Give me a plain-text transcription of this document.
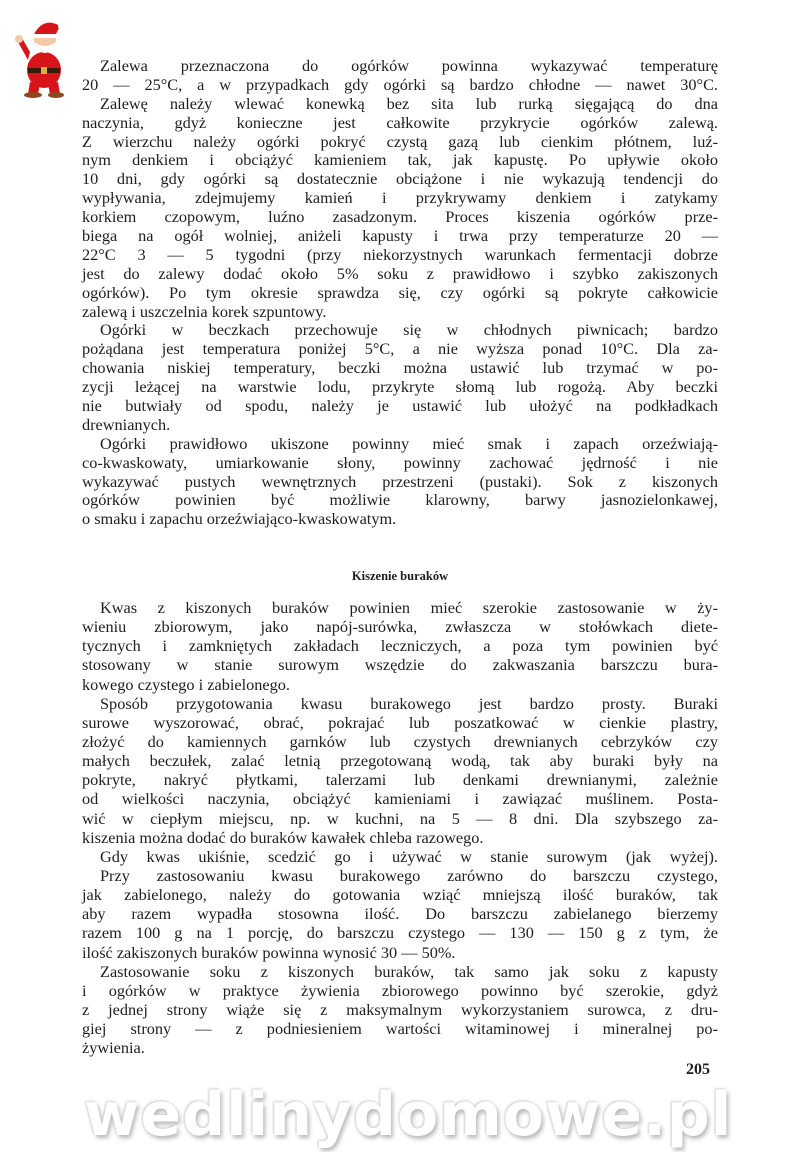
Zalewa przeznaczona do ogórków powinna wykazywać temperaturę
20 — 25°C, a w przypadkach gdy ogórki są bardzo chłodne — nawet 30°C.
Zalewę należy wlewać konewką bez sita lub rurką sięgającą do dna
naczynia, gdyż konieczne jest całkowite przykrycie ogórków zalewą.
Z wierzchu należy ogórki pokryć czystą gazą lub cienkim płótnem, luź-
nym denkiem i obciążyć kamieniem tak, jak kapustę. Po upływie około
10 dni, gdy ogórki są dostatecznie obciążone i nie wykazują tendencji do
wypływania, zdejmujemy kamień i przykrywamy denkiem i zatykamy
korkiem czopowym, luźno zasadzonym. Proces kiszenia ogórków prze-
biega na ogół wolniej, aniżeli kapusty i trwa przy temperaturze 20 —
22°C 3 — 5 tygodni (przy niekorzystnych warunkach fermentacji dobrze
jest do zalewy dodać około 5% soku z prawidłowo i szybko zakiszonych
ogórków). Po tym okresie sprawdza się, czy ogórki są pokryte całkowicie
zalewą i uszczelnia korek szpuntowy.
Ogórki w beczkach przechowuje się w chłodnych piwnicach; bardzo
pożądana jest temperatura poniżej 5°C, a nie wyższa ponad 10°C. Dla za-
chowania niskiej temperatury, beczki można ustawić lub trzymać w po-
zycji leżącej na warstwie lodu, przykryte słomą lub rogożą. Aby beczki
nie butwiały od spodu, należy je ustawić lub ułożyć na podkładkach
drewnianych.
Ogórki prawidłowo ukiszone powinny mieć smak i zapach orzeźwiają-
co-kwaskowaty, umiarkowanie słony, powinny zachować jędrność i nie
wykazywać pustych wewnętrznych przestrzeni (pustaki). Sok z kiszonych
ogórków powinien być możliwie klarowny, barwy jasnozielonkawej,
o smaku i zapachu orzeźwiająco-kwaskowatym.
Kiszenie buraków
Kwas z kiszonych buraków powinien mieć szerokie zastosowanie w ży-
wieniu zbiorowym, jako napój-surówka, zwłaszcza w stołówkach diete-
tycznych i zamkniętych zakładach leczniczych, a poza tym powinien być
stosowany w stanie surowym wszędzie do zakwaszania barszczu bura-
kowego czystego i zabielonego.
Sposób przygotowania kwasu burakowego jest bardzo prosty. Buraki
surowe wyszorować, obrać, pokrajać lub poszatkować w cienkie plastry,
złożyć do kamiennych garnków lub czystych drewnianych cebrzyków czy
małych beczułek, zalać letnią przegotowaną wodą, tak aby buraki były na
pokryte, nakryć płytkami, talerzami lub denkami drewnianymi, zależnie
od wielkości naczynia, obciążyć kamieniami i zawiązać muślinem. Posta-
wić w ciepłym miejscu, np. w kuchni, na 5 — 8 dni. Dla szybszego za-
kiszenia można dodać do buraków kawałek chleba razowego.
Gdy kwas ukiśnie, scedzić go i używać w stanie surowym (jak wyżej).
Przy zastosowaniu kwasu burakowego zarówno do barszczu czystego,
jak zabielonego, należy do gotowania wziąć mniejszą ilość buraków, tak
aby razem wypadła stosowna ilość. Do barszczu zabielanego bierzemy
razem 100 g na 1 porcję, do barszczu czystego — 130 — 150 g z tym, że
ilość zakiszonych buraków powinna wynosić 30 — 50%.
Zastosowanie soku z kiszonych buraków, tak samo jak soku z kapusty
i ogórków w praktyce żywienia zbiorowego powinno być szerokie, gdyż
z jednej strony wiąże się z maksymalnym wykorzystaniem surowca, z dru-
giej strony — z podniesieniem wartości witaminowej i mineralnej po-
żywienia.
205
wedlinydomowe.pl
